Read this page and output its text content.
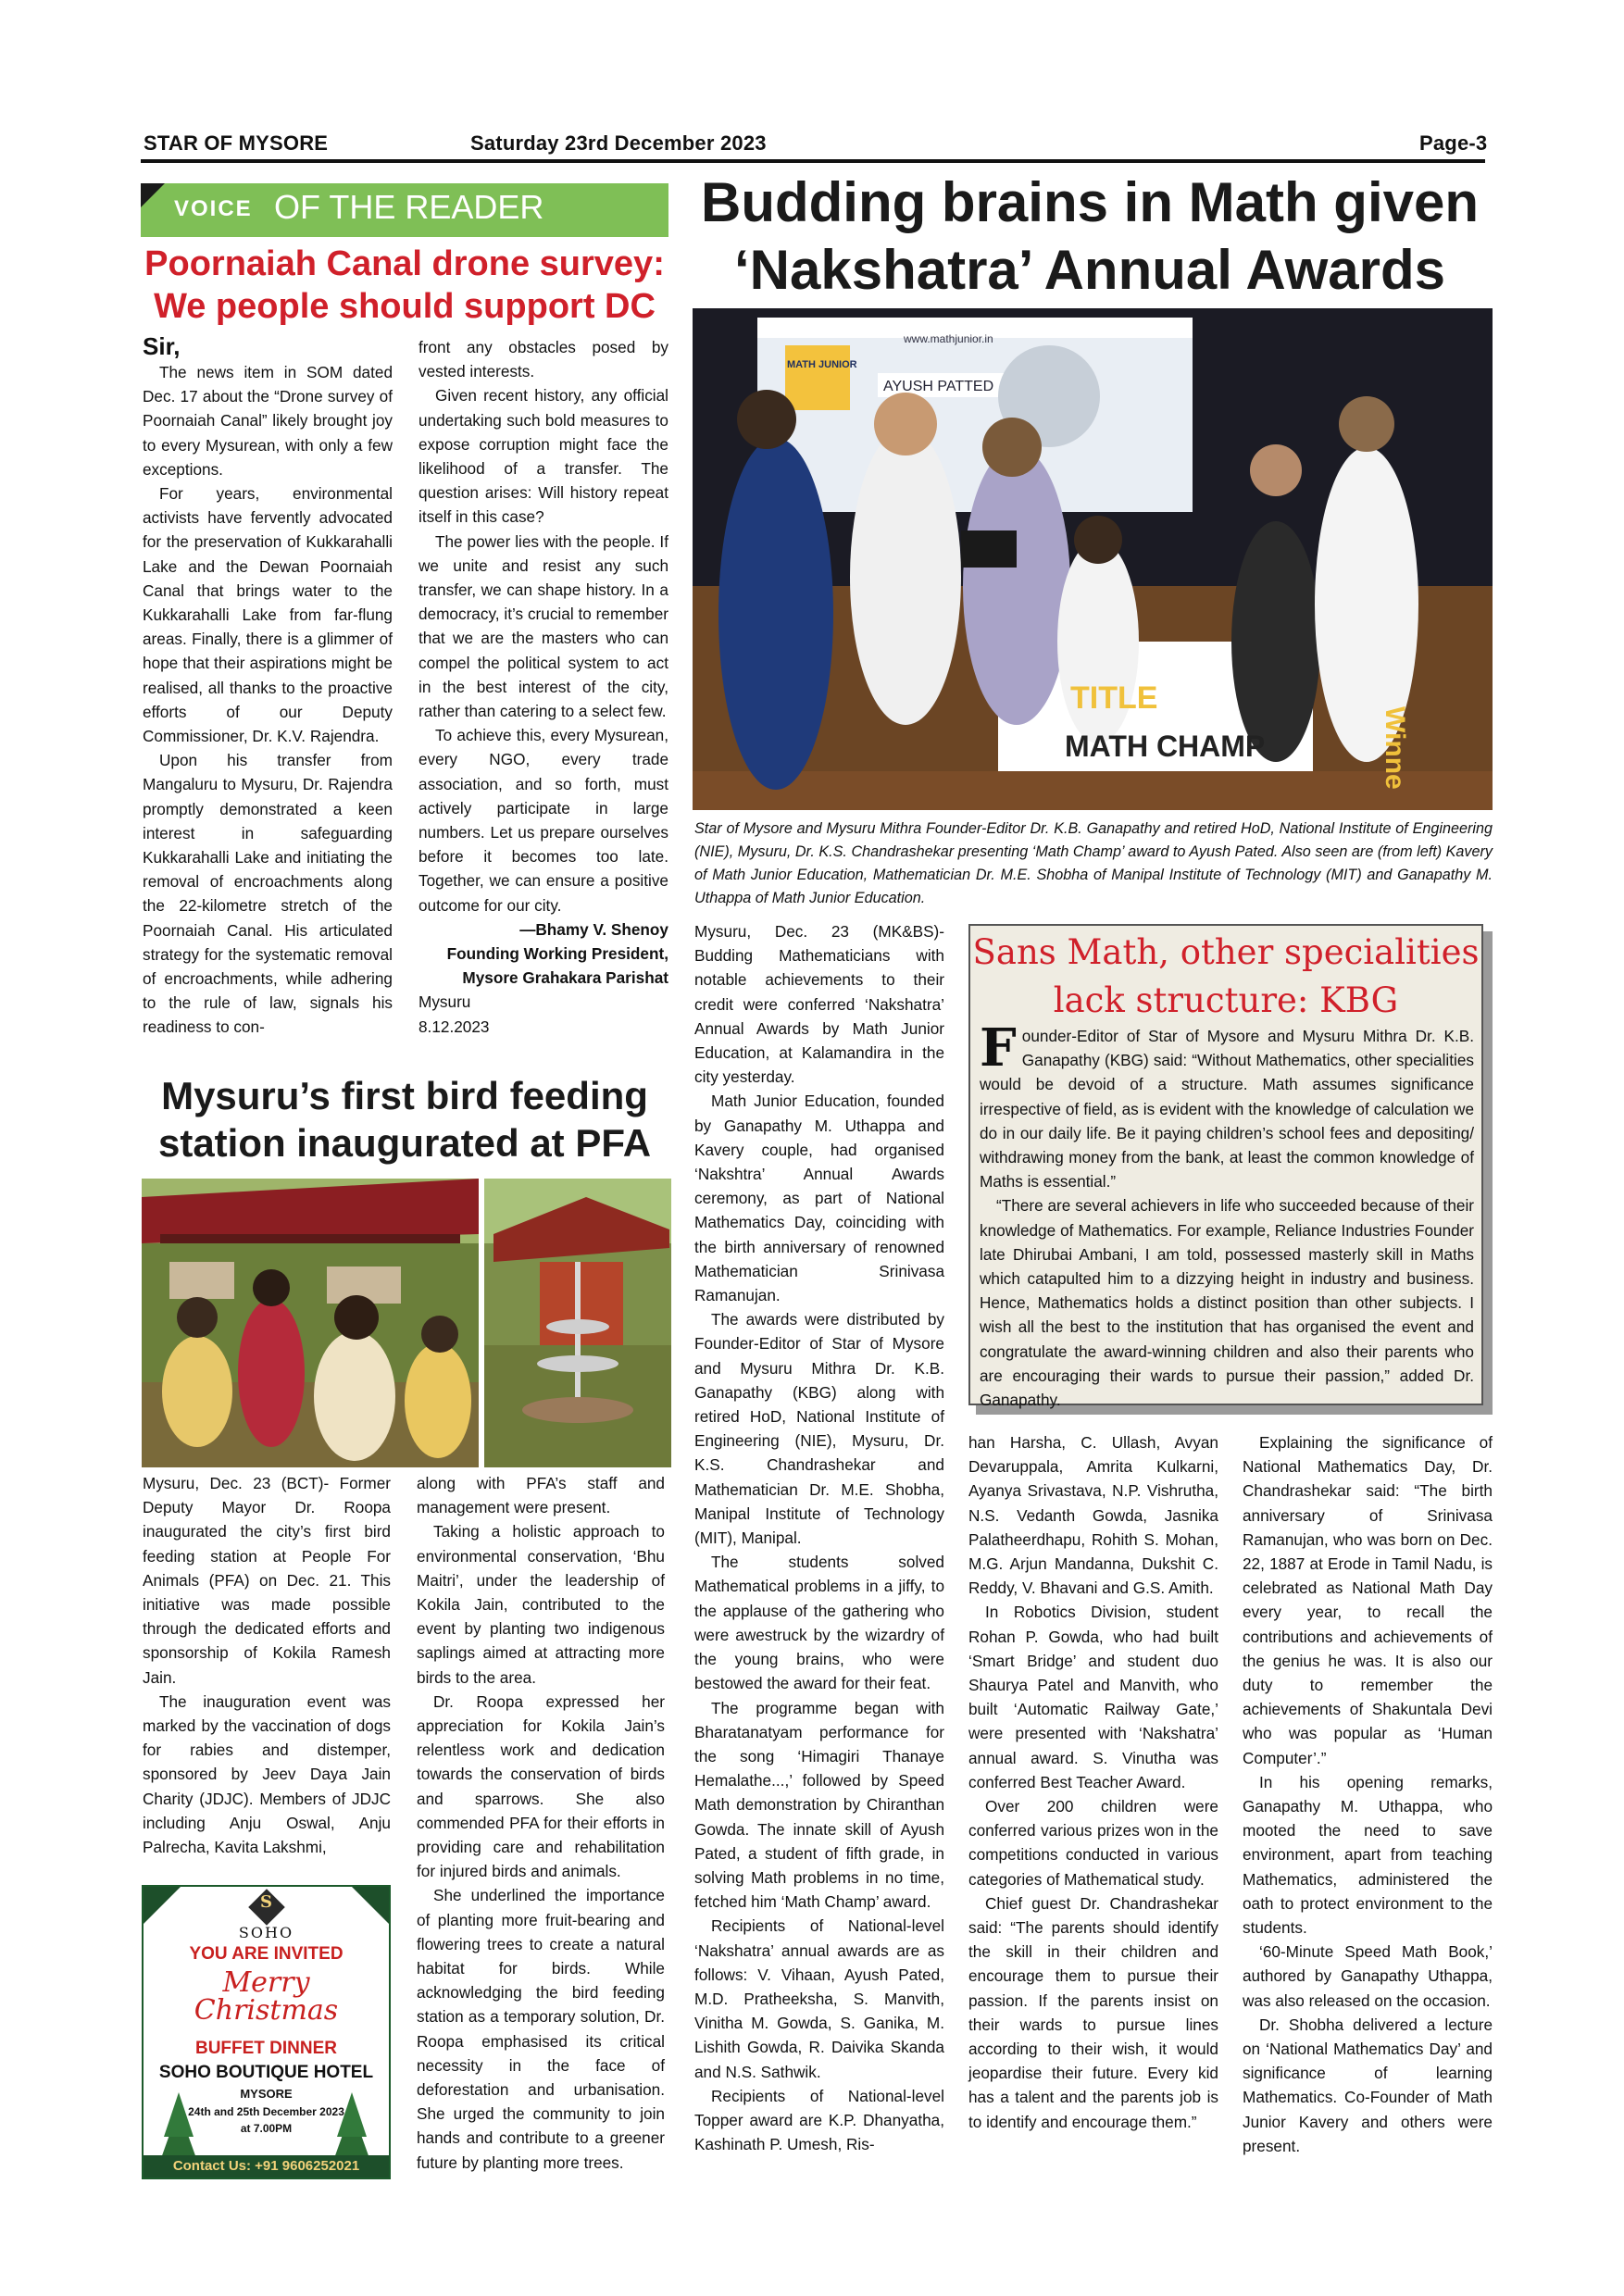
STAR OF MYSORE	Saturday 23rd December 2023	Page-3
VOICE OF THE READER
Poornaiah Canal drone survey:
We people should support DC

Sir,

The news item in SOM dated Dec. 17 about the “Drone survey of Poornaiah Canal” likely brought joy to every Mysurean, with only a few exceptions.

For years, environmental activists have fervently advocated for the preservation of Kukkarahalli Lake and the Dewan Poornaiah Canal that brings water to the Kukkarahalli Lake from far-flung areas. Finally, there is a glimmer of hope that their aspirations might be realised, all thanks to the proactive efforts of our Deputy Commissioner, Dr. K.V. Rajendra.

Upon his transfer from Mangaluru to Mysuru, Dr. Rajendra promptly demonstrated a keen interest in safeguarding Kukkarahalli Lake and initiating the removal of encroachments along the 22-kilometre stretch of the Poornaiah Canal. His articulated strategy for the systematic removal of encroachments, while adhering to the rule of law, signals his readiness to con-

front any obstacles posed by vested interests.

Given recent history, any official undertaking such bold measures to expose corruption might face the likelihood of a transfer. The question arises: Will history repeat itself in this case?

The power lies with the people. If we unite and resist any such transfer, we can shape history. In a democracy, it’s crucial to remember that we are the masters who can compel the political system to act in the best interest of the city, rather than catering to a select few.

To achieve this, every Mysurean, every NGO, every trade association, and so forth, must actively participate in large numbers. Let us prepare ourselves before it becomes too late. Together, we can ensure a positive outcome for our city.

—Bhamy V. Shenoy

Founding Working President,

Mysore Grahakara Parishat

Mysuru

8.12.2023

Mysuru’s first bird feeding
station inaugurated at PFA

Mysuru, Dec. 23 (BCT)- Former Deputy Mayor Dr. Roopa inaugurated the city’s first bird feeding station at People For Animals (PFA) on Dec. 21. This initiative was made possible through the dedicated efforts and sponsorship of Kokila Ramesh Jain.

The inauguration event was marked by the vaccination of dogs for rabies and distemper, sponsored by Jeev Daya Jain Charity (JDJC). Members of JDJC including Anju Oswal, Anju Palrecha, Kavita Lakshmi,

along with PFA’s staff and management were present.

Taking a holistic approach to environmental conservation, ‘Bhu Maitri’, under the leadership of Kokila Jain, contributed to the event by planting two indigenous saplings aimed at attracting more birds to the area.

Dr. Roopa expressed her appreciation for Kokila Jain’s relentless work and dedication towards the conservation of birds and sparrows. She also commended PFA for their efforts in providing care and rehabilitation for injured birds and animals.

She underlined the importance of planting more fruit-bearing and flowering trees to create a natural habitat for birds. While acknowledging the bird feeding station as a temporary solution, Dr. Roopa emphasised its critical necessity in the face of deforestation and urbanisation. She urged the community to join hands and contribute to a greener future by planting more trees.

S
SOHO
YOU ARE INVITED
Merry
Christmas
BUFFET DINNER
SOHO BOUTIQUE HOTEL
MYSORE
24th and 25th December 2023
at 7.00PM
Contact Us: +91 9606252021
Budding brains in Math given
‘Nakshatra’ Annual Awards
www.mathjunior.in
AYUSH PATTED
MATH JUNIOR
TITLE
MATH CHAMP	Winne
Star of Mysore and Mysuru Mithra Founder-Editor Dr. K.B. Ganapathy and retired HoD, National Institute of Engineering (NIE), Mysuru, Dr. K.S. Chandrashekar presenting ‘Math Champ’ award to Ayush Pated. Also seen are (from left) Kavery of Math Junior Education, Mathematician Dr. M.E. Shobha of Manipal Institute of Technology (MIT) and Ganapathy M. Uthappa of Math Junior Education.

Mysuru, Dec. 23 (MK&BS)- Budding Mathematicians with notable achievements to their credit were conferred ‘Nakshatra’ Annual Awards by Math Junior Education, at Kalamandira in the city yesterday.

Math Junior Education, founded by Ganapathy M. Uthappa and Kavery couple, had organised ‘Nakshtra’ Annual Awards ceremony, as part of National Mathematics Day, coinciding with the birth anniversary of renowned Mathematician Srinivasa Ramanujan.

The awards were distributed by Founder-Editor of Star of Mysore and Mysuru Mithra Dr. K.B. Ganapathy (KBG) along with retired HoD, National Institute of Engineering (NIE), Mysuru, Dr. K.S. Chandrashekar and Mathematician Dr. M.E. Shobha, Manipal Institute of Technology (MIT), Manipal.

The students solved Mathematical problems in a jiffy, to the applause of the gathering who were awestruck by the wizardry of the young brains, who were bestowed the award for their feat.

The programme began with Bharatanatyam performance for the song ‘Himagiri Thanaye Hemalathe...,’ followed by Speed Math demonstration by Chiranthan Gowda. The innate skill of Ayush Pated, a student of fifth grade, in solving Math problems in no time, fetched him ‘Math Champ’ award.

Recipients of National-level ‘Nakshatra’ annual awards are as follows: V. Vihaan, Ayush Pated, M.D. Pratheeksha, S. Manvith, Vinitha M. Gowda, S. Ganika, M. Lishith Gowda, R. Daivika Skanda and N.S. Sathwik.

Recipients of National-level Topper award are K.P. Dhanyatha, Kashinath P. Umesh, Ris-

han Harsha, C. Ullash, Avyan Devaruppala, Amrita Kulkarni, Ayanya Srivastava, N.P. Vishrutha, N.S. Vedanth Gowda, Jasnika Palatheerdhapu, Rohith S. Mohan, M.G. Arjun Mandanna, Dukshit C. Reddy, V. Bhavani and G.S. Amith.

In Robotics Division, student Rohan P. Gowda, who had built ‘Smart Bridge’ and student duo Shaurya Patel and Manvith, who built ‘Automatic Railway Gate,’ were presented with ‘Nakshatra’ annual award. S. Vinutha was conferred Best Teacher Award.

Over 200 children were conferred various prizes won in the competitions conducted in various categories of Mathematical study.

Chief guest Dr. Chandrashekar said: “The parents should identify the skill in their children and encourage them to pursue their passion. If the parents insist on their wards to pursue lines according to their wish, it would jeopardise their future. Every kid has a talent and the parents job is to identify and encourage them.”

Explaining the significance of National Mathematics Day, Dr. Chandrashekar said: “The birth anniversary of Srinivasa Ramanujan, who was born on Dec. 22, 1887 at Erode in Tamil Nadu, is celebrated as National Math Day every year, to recall the contributions and achievements of the genius he was. It is also our duty to remember the achievements of Shakuntala Devi who was popular as ‘Human Computer’.”

In his opening remarks, Ganapathy M. Uthappa, who mooted the need to save environment, apart from teaching Mathematics, administered the oath to protect environment to the students.

‘60-Minute Speed Math Book,’ authored by Ganapathy Uthappa, was also released on the occasion.

Dr. Shobha delivered a lecture on ‘National Mathematics Day’ and significance of learning Mathematics. Co-Founder of Math Junior Kavery and others were present.

Sans Math, other specialities
lack structure: KBG

Founder-Editor of Star of Mysore and Mysuru Mithra Dr. K.B. Ganapathy (KBG) said: “Without Mathematics, other specialities would be devoid of a structure. Math assumes significance irrespective of field, as is evident with the knowledge of calculation we do in our daily life. Be it paying children’s school fees and depositing/ withdrawing money from the bank, at least the common knowledge of Maths is essential.”

“There are several achievers in life who succeeded because of their knowledge of Mathematics. For example, Reliance Industries Founder late Dhirubai Ambani, I am told, possessed masterly skill in Maths which catapulted him to a dizzying height in industry and business. Hence, Mathematics holds a distinct position than other subjects. I wish all the best to the institution that has organised the event and congratulate the award-winning children and also their parents who are encouraging their wards to pursue their passion,” added Dr. Ganapathy.
